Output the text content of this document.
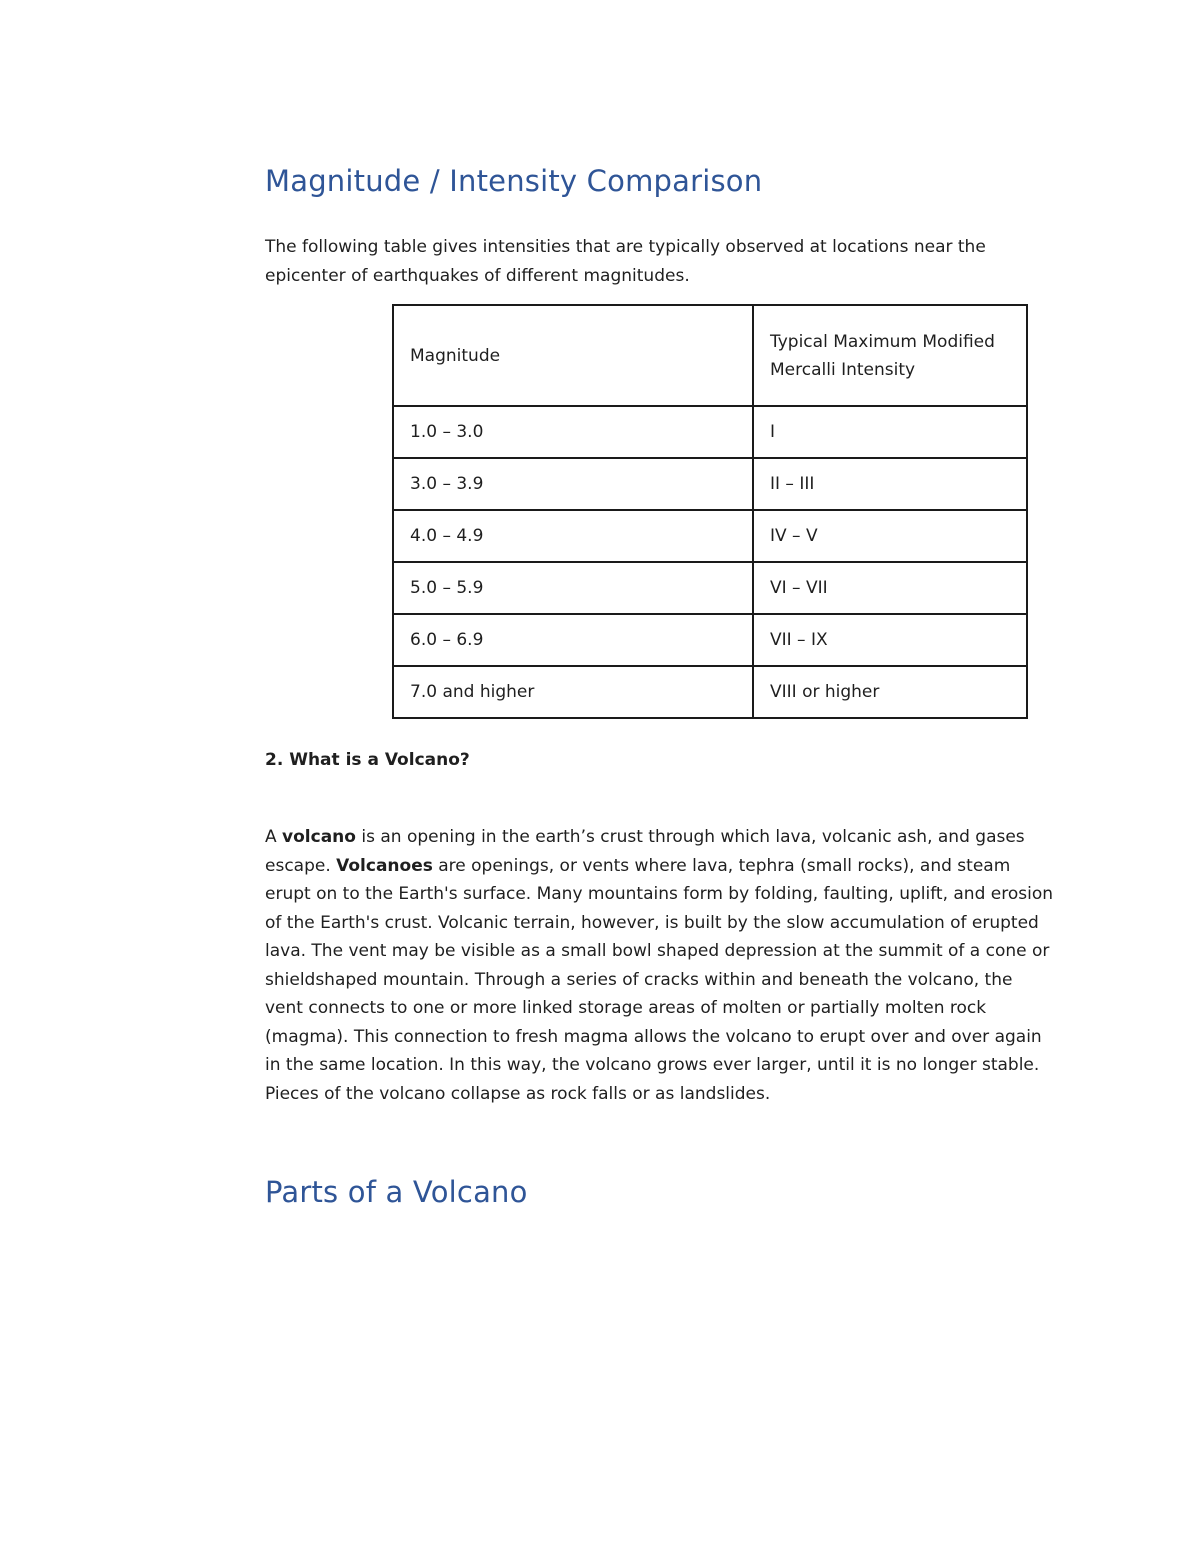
Magnitude / Intensity Comparison

The following table gives intensities that are typically observed at locations near the epicenter of earthquakes of different magnitudes.

Magnitude	Typical Maximum Modified Mercalli Intensity
1.0 – 3.0	I
3.0 – 3.9	II – III
4.0 – 4.9	IV – V
5.0 – 5.9	VI – VII
6.0 – 6.9	VII – IX
7.0 and higher	VIII or higher

2. What is a Volcano?

A volcano is an opening in the earth’s crust through which lava, volcanic ash, and gases escape. Volcanoes are openings, or vents where lava, tephra (small rocks), and steam erupt on to the Earth's surface. Many mountains form by folding, faulting, uplift, and erosion of the Earth's crust. Volcanic terrain, however, is built by the slow accumulation of erupted lava. The vent may be visible as a small bowl shaped depression at the summit of a cone or shieldshaped mountain. Through a series of cracks within and beneath the volcano, the vent connects to one or more linked storage areas of molten or partially molten rock (magma). This connection to fresh magma allows the volcano to erupt over and over again in the same location. In this way, the volcano grows ever larger, until it is no longer stable. Pieces of the volcano collapse as rock falls or as landslides.

Parts of a Volcano
